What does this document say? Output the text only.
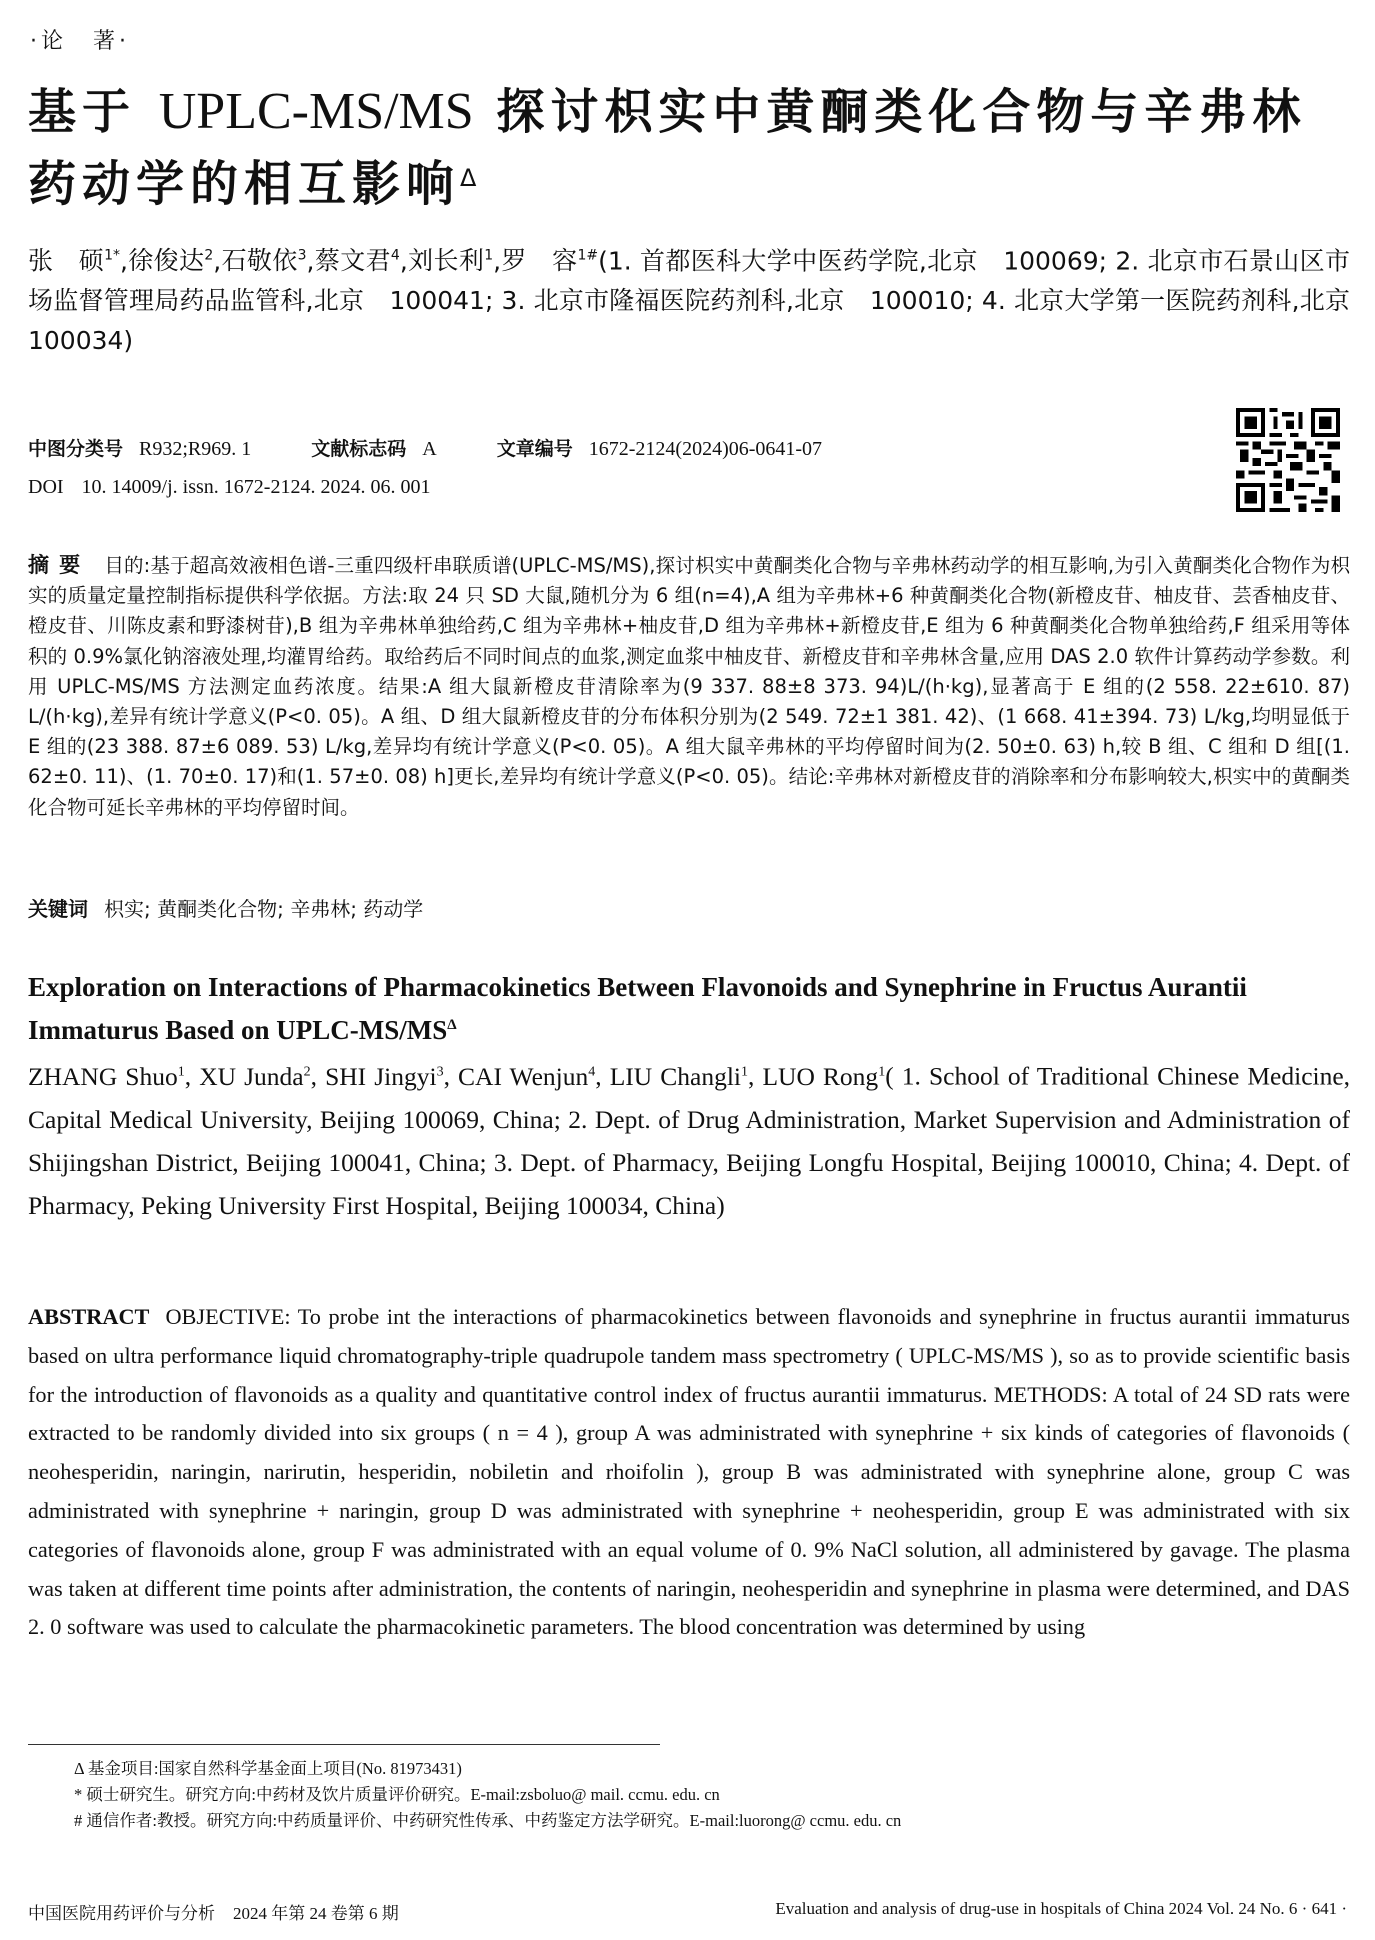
·论　著·
基于 UPLC-MS/MS 探讨枳实中黄酮类化合物与辛弗林药动学的相互影响$^\Delta$
张　硕$^{1*}$,徐俊达$^2$,石敬依$^3$,蔡文君$^4$,刘长利$^1$,罗　容$^{1\#}$(1. 首都医科大学中医药学院,北京　100069; 2. 北京市石景山区市场监督管理局药品监管科,北京　100041; 3. 北京市隆福医院药剂科,北京　100010; 4. 北京大学第一医院药剂科,北京　100034)
中图分类号 R932;R969. 1	文献标志码 A	文章编号 1672-2124(2024)06-0641-07
DOI 10. 14009/j. issn. 1672-2124. 2024. 06. 001
摘要 目的:基于超高效液相色谱-三重四级杆串联质谱(UPLC-MS/MS),探讨枳实中黄酮类化合物与辛弗林药动学的相互影响,为引入黄酮类化合物作为枳实的质量定量控制指标提供科学依据。方法:取 24 只 SD 大鼠,随机分为 6 组(n=4),A 组为辛弗林+6 种黄酮类化合物(新橙皮苷、柚皮苷、芸香柚皮苷、橙皮苷、川陈皮素和野漆树苷),B 组为辛弗林单独给药,C 组为辛弗林+柚皮苷,D 组为辛弗林+新橙皮苷,E 组为 6 种黄酮类化合物单独给药,F 组采用等体积的 0.9%氯化钠溶液处理,均灌胃给药。取给药后不同时间点的血浆,测定血浆中柚皮苷、新橙皮苷和辛弗林含量,应用 DAS 2.0 软件计算药动学参数。利用 UPLC-MS/MS 方法测定血药浓度。结果:A 组大鼠新橙皮苷清除率为(9 337. 88±8 373. 94)L/(h·kg),显著高于 E 组的(2 558. 22±610. 87) L/(h·kg),差异有统计学意义(P<0. 05)。A 组、D 组大鼠新橙皮苷的分布体积分别为(2 549. 72±1 381. 42)、(1 668. 41±394. 73) L/kg,均明显低于 E 组的(23 388. 87±6 089. 53) L/kg,差异均有统计学意义(P<0. 05)。A 组大鼠辛弗林的平均停留时间为(2. 50±0. 63) h,较 B 组、C 组和 D 组[(1. 62±0. 11)、(1. 70±0. 17)和(1. 57±0. 08) h]更长,差异均有统计学意义(P<0. 05)。结论:辛弗林对新橙皮苷的消除率和分布影响较大,枳实中的黄酮类化合物可延长辛弗林的平均停留时间。
关键词 枳实; 黄酮类化合物; 辛弗林; 药动学
Exploration on Interactions of Pharmacokinetics Between Flavonoids and Synephrine in Fructus Aurantii Immaturus Based on UPLC-$MS/MS^\Delta$
ZHANG Shuo$^1$, XU Junda$^2$, SHI Jingyi$^3$, CAI Wenjun$^4$, LIU Changli$^1$, LUO Rong$^1$( 1. School of Traditional Chinese Medicine, Capital Medical University, Beijing 100069, China; 2. Dept. of Drug Administration, Market Supervision and Administration of Shijingshan District, Beijing 100041, China; 3. Dept. of Pharmacy, Beijing Longfu Hospital, Beijing 100010, China; 4. Dept. of Pharmacy, Peking University First Hospital, Beijing 100034, China)
ABSTRACT OBJECTIVE: To probe int the interactions of pharmacokinetics between flavonoids and synephrine in fructus aurantii immaturus based on ultra performance liquid chromatography-triple quadrupole tandem mass spectrometry ( UPLC-MS/MS ), so as to provide scientific basis for the introduction of flavonoids as a quality and quantitative control index of fructus aurantii immaturus. METHODS: A total of 24 SD rats were extracted to be randomly divided into six groups ( n = 4 ), group A was administrated with synephrine + six kinds of categories of flavonoids ( neohesperidin, naringin, narirutin, hesperidin, nobiletin and rhoifolin ), group B was administrated with synephrine alone, group C was administrated with synephrine + naringin, group D was administrated with synephrine + neohesperidin, group E was administrated with six categories of flavonoids alone, group F was administrated with an equal volume of 0. 9% NaCl solution, all administered by gavage. The plasma was taken at different time points after administration, the contents of naringin, neohesperidin and synephrine in plasma were determined, and DAS 2. 0 software was used to calculate the pharmacokinetic parameters. The blood concentration was determined by using
Δ 基金项目:国家自然科学基金面上项目(No. 81973431)
* 硕士研究生。研究方向:中药材及饮片质量评价研究。E-mail:zsboluo@ mail. ccmu. edu. cn
# 通信作者:教授。研究方向:中药质量评价、中药研究性传承、中药鉴定方法学研究。E-mail:luorong@ ccmu. edu. cn
中国医院用药评价与分析 2024 年第 24 卷第 6 期	Evaluation and analysis of drug-use in hospitals of China 2024 Vol. 24 No. 6 · 641 ·
